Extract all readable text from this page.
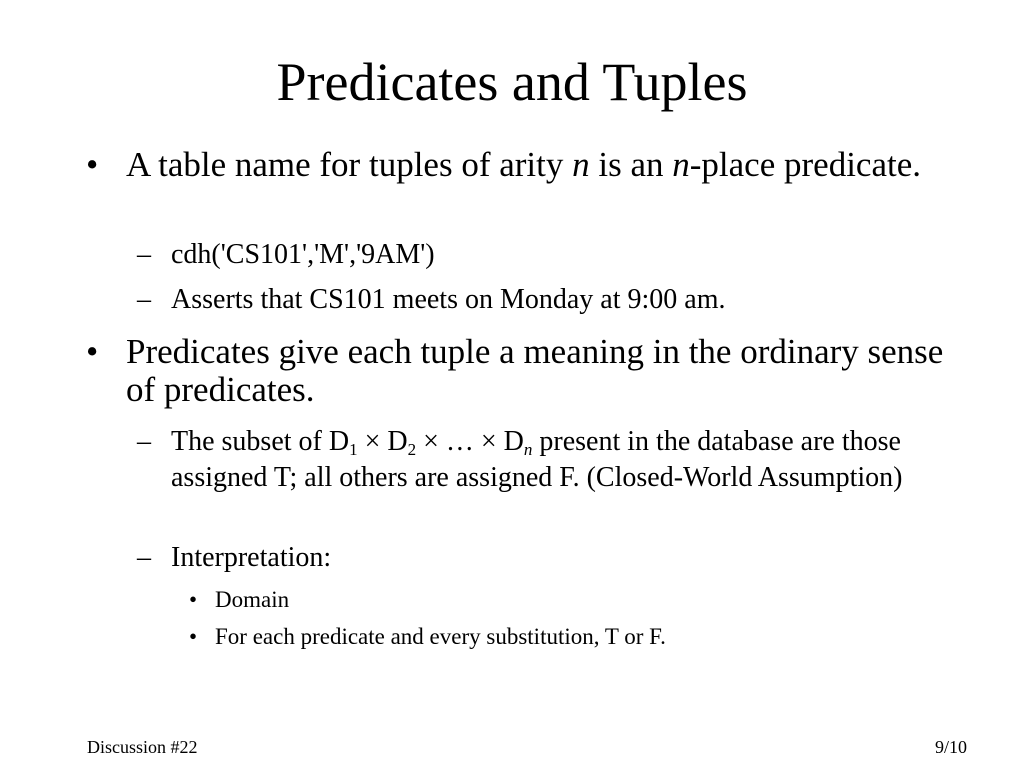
Predicates and Tuples
• A table name for tuples of arity n is an n-place predicate.
– cdh('CS101','M','9AM')
– Asserts that CS101 meets on Monday at 9:00 am.
• Predicates give each tuple a meaning in the ordinary sense of predicates.
– The subset of $D_1 \times D_2$ × … × $D_n$ present in the database are those assigned T; all others are assigned F. (Closed-World Assumption)
– Interpretation:
• Domain
• For each predicate and every substitution, T or F.
Discussion #22	9/10
